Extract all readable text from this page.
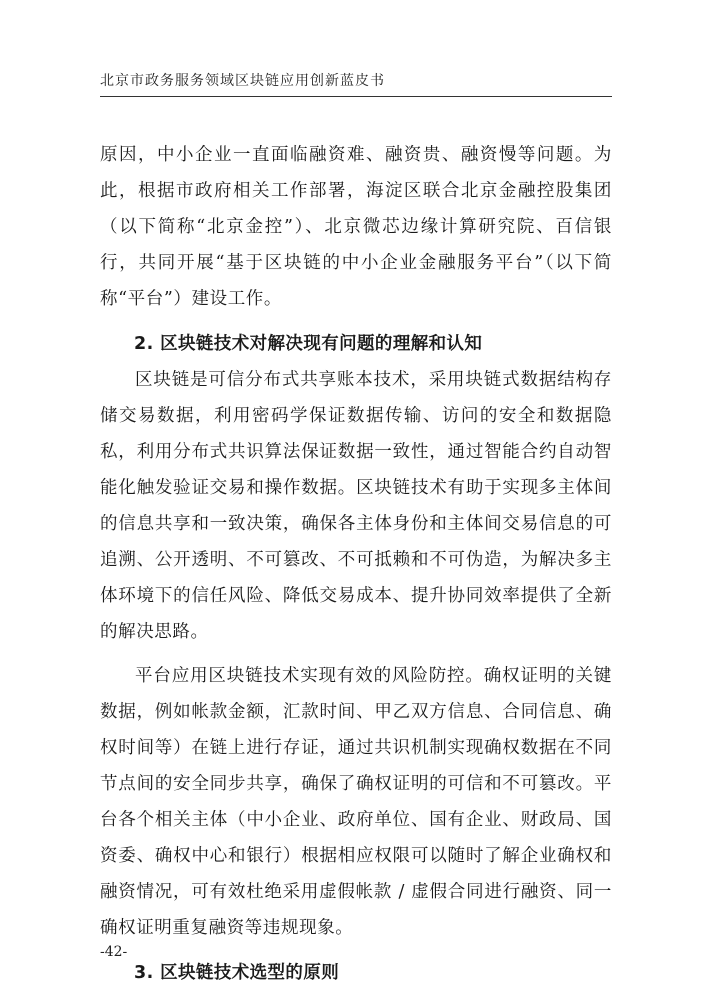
北京市政务服务领域区块链应用创新蓝皮书

原因，中小企业一直面临融资难、融资贵、融资慢等问题。为此，根据市政府相关工作部署，海淀区联合北京金融控股集团（以下简称“北京金控”）、北京微芯边缘计算研究院、百信银行，共同开展“基于区块链的中小企业金融服务平台”（以下简称“平台”）建设工作。

2. 区块链技术对解决现有问题的理解和认知

区块链是可信分布式共享账本技术，采用块链式数据结构存储交易数据，利用密码学保证数据传输、访问的安全和数据隐私，利用分布式共识算法保证数据一致性，通过智能合约自动智能化触发验证交易和操作数据。区块链技术有助于实现多主体间的信息共享和一致决策，确保各主体身份和主体间交易信息的可追溯、公开透明、不可篡改、不可抵赖和不可伪造，为解决多主体环境下的信任风险、降低交易成本、提升协同效率提供了全新的解决思路。

平台应用区块链技术实现有效的风险防控。确权证明的关键数据，例如帐款金额，汇款时间、甲乙双方信息、合同信息、确权时间等）在链上进行存证，通过共识机制实现确权数据在不同节点间的安全同步共享，确保了确权证明的可信和不可篡改。平台各个相关主体（中小企业、政府单位、国有企业、财政局、国资委、确权中心和银行）根据相应权限可以随时了解企业确权和融资情况，可有效杜绝采用虚假帐款 / 虚假合同进行融资、同一确权证明重复融资等违规现象。

3. 区块链技术选型的原则
-42-
